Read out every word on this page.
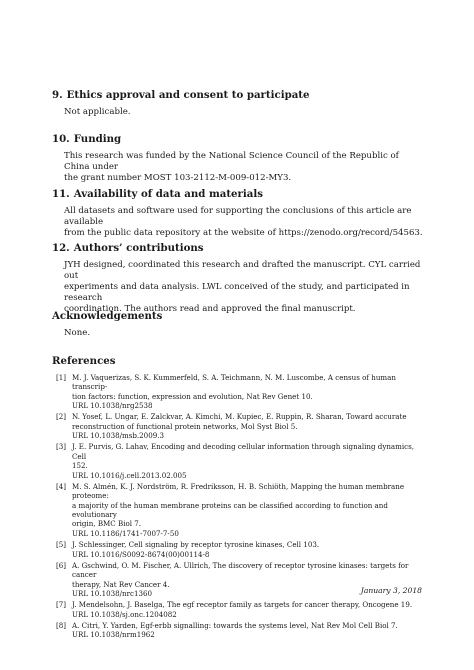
9. Ethics approval and consent to participate
Not applicable.
10. Funding
This research was funded by the National Science Council of the Republic of China under
the grant number MOST 103-2112-M-009-012-MY3.
11. Availability of data and materials
All datasets and software used for supporting the conclusions of this article are available
from the public data repository at the website of https://zenodo.org/record/54563.
12. Authors’ contributions
JYH designed, coordinated this research and drafted the manuscript. CYL carried out
experiments and data analysis. LWL conceived of the study, and participated in research
coordination. The authors read and approved the final manuscript.
Acknowledgements
None.
References
[1] M. J. Vaquerizas, S. K. Kummerfeld, S. A. Teichmann, N. M. Luscombe, A census of human transcrip-
tion factors: function, expression and evolution, Nat Rev Genet 10.
URL 10.1038/nrg2538
[2] N. Yosef, L. Ungar, E. Zalckvar, A. Kimchi, M. Kupiec, E. Ruppin, R. Sharan, Toward accurate
reconstruction of functional protein networks, Mol Syst Biol 5.
URL 10.1038/msb.2009.3
[3] J. E. Purvis, G. Lahav, Encoding and decoding cellular information through signaling dynamics, Cell
152.
URL 10.1016/j.cell.2013.02.005
[4] M. S. Almén, K. J. Nordström, R. Fredriksson, H. B. Schiöth, Mapping the human membrane proteome:
a majority of the human membrane proteins can be classified according to function and evolutionary
origin, BMC Biol 7.
URL 10.1186/1741-7007-7-50
[5] J. Schlessinger, Cell signaling by receptor tyrosine kinases, Cell 103.
URL 10.1016/S0092-8674(00)00114-8
[6] A. Gschwind, O. M. Fischer, A. Ullrich, The discovery of receptor tyrosine kinases: targets for cancer
therapy, Nat Rev Cancer 4.
URL 10.1038/nrc1360
[7] J. Mendelsohn, J. Baselga, The egf receptor family as targets for cancer therapy, Oncogene 19.
URL 10.1038/sj.onc.1204082
[8] A. Citri, Y. Yarden, Egf-erbb signalling: towards the systems level, Nat Rev Mol Cell Biol 7.
URL 10.1038/nrm1962
January 3, 2018
